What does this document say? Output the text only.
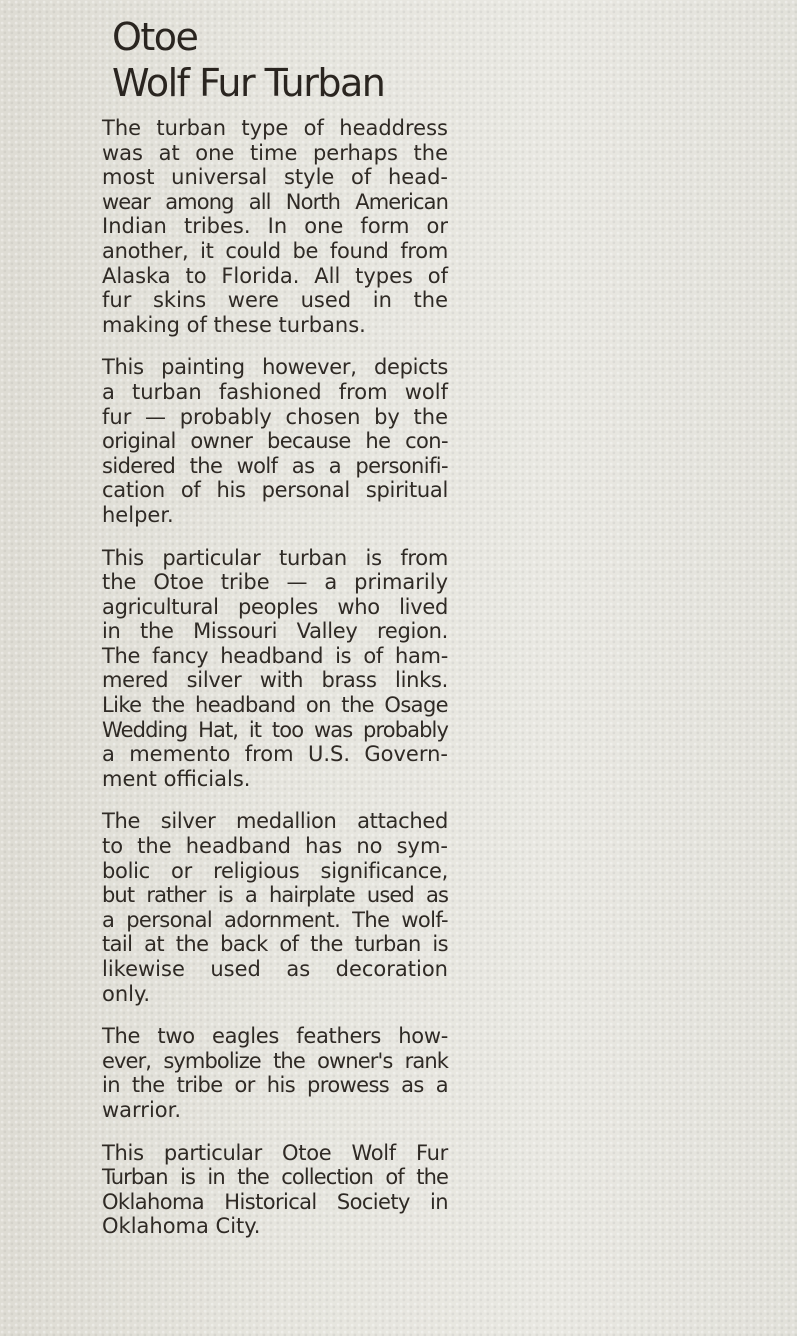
Otoe
Wolf Fur Turban

The turban type of headdress
was at one time perhaps the
most universal style of head-
wear among all North American
Indian tribes. In one form or
another, it could be found from
Alaska to Florida. All types of
fur skins were used in the
making of these turbans.

This painting however, depicts
a turban fashioned from wolf
fur — probably chosen by the
original owner because he con-
sidered the wolf as a personifi-
cation of his personal spiritual
helper.

This particular turban is from
the Otoe tribe — a primarily
agricultural peoples who lived
in the Missouri Valley region.
The fancy headband is of ham-
mered silver with brass links.
Like the headband on the Osage
Wedding Hat, it too was probably
a memento from U.S. Govern-
ment officials.

The silver medallion attached
to the headband has no sym-
bolic or religious significance,
but rather is a hairplate used as
a personal adornment. The wolf-
tail at the back of the turban is
likewise used as decoration
only.

The two eagles feathers how-
ever, symbolize the owner's rank
in the tribe or his prowess as a
warrior.

This particular Otoe Wolf Fur
Turban is in the collection of the
Oklahoma Historical Society in
Oklahoma City.
